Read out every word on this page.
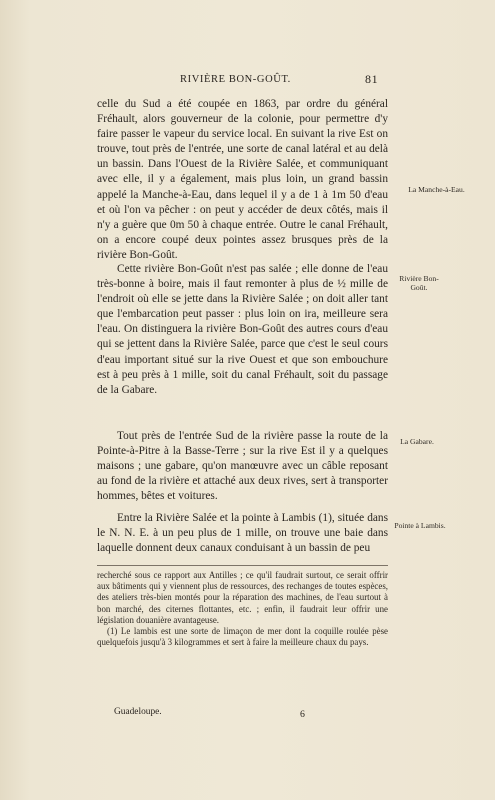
RIVIÈRE BON-GOÛT.	81

celle du Sud a été coupée en 1863, par ordre du général Fréhault, alors gouverneur de la colonie, pour permettre d'y faire passer le vapeur du service local. En suivant la rive Est on trouve, tout près de l'entrée, une sorte de canal latéral et au delà un bassin. Dans l'Ouest de la Rivière Salée, et communiquant avec elle, il y a également, mais plus loin, un grand bassin appelé la Manche-à-Eau, dans lequel il y a de 1 à 1m 50 d'eau et où l'on va pêcher : on peut y accéder de deux côtés, mais il n'y a guère que 0m 50 à chaque entrée. Outre le canal Fréhault, on a encore coupé deux pointes assez brusques près de la rivière Bon-Goût.

La Manche-à-Eau.

Cette rivière Bon-Goût n'est pas salée ; elle donne de l'eau très-bonne à boire, mais il faut remonter à plus de ½ mille de l'endroit où elle se jette dans la Rivière Salée ; on doit aller tant que l'embarcation peut passer : plus loin on ira, meilleure sera l'eau. On distinguera la rivière Bon-Goût des autres cours d'eau qui se jettent dans la Rivière Salée, parce que c'est le seul cours d'eau important situé sur la rive Ouest et que son embouchure est à peu près à 1 mille, soit du canal Fréhault, soit du passage de la Gabare.

Rivière Bon-Goût.

Tout près de l'entrée Sud de la rivière passe la route de la Pointe-à-Pitre à la Basse-Terre ; sur la rive Est il y a quelques maisons ; une gabare, qu'on manœuvre avec un câble reposant au fond de la rivière et attaché aux deux rives, sert à transporter hommes, bêtes et voitures.

La Gabare.

Entre la Rivière Salée et la pointe à Lambis (1), située dans le N. N. E. à un peu plus de 1 mille, on trouve une baie dans laquelle donnent deux canaux conduisant à un bassin de peu

Pointe à Lambis.

recherché sous ce rapport aux Antilles ; ce qu'il faudrait surtout, ce serait offrir aux bâtiments qui y viennent plus de ressources, des rechanges de toutes espèces, des ateliers très-bien montés pour la réparation des machines, de l'eau surtout à bon marché, des citernes flottantes, etc. ; enfin, il faudrait leur offrir une législation douanière avantageuse.

(1) Le lambis est une sorte de limaçon de mer dont la coquille roulée pèse quelquefois jusqu'à 3 kilogrammes et sert à faire la meilleure chaux du pays.

Guadeloupe.	6
